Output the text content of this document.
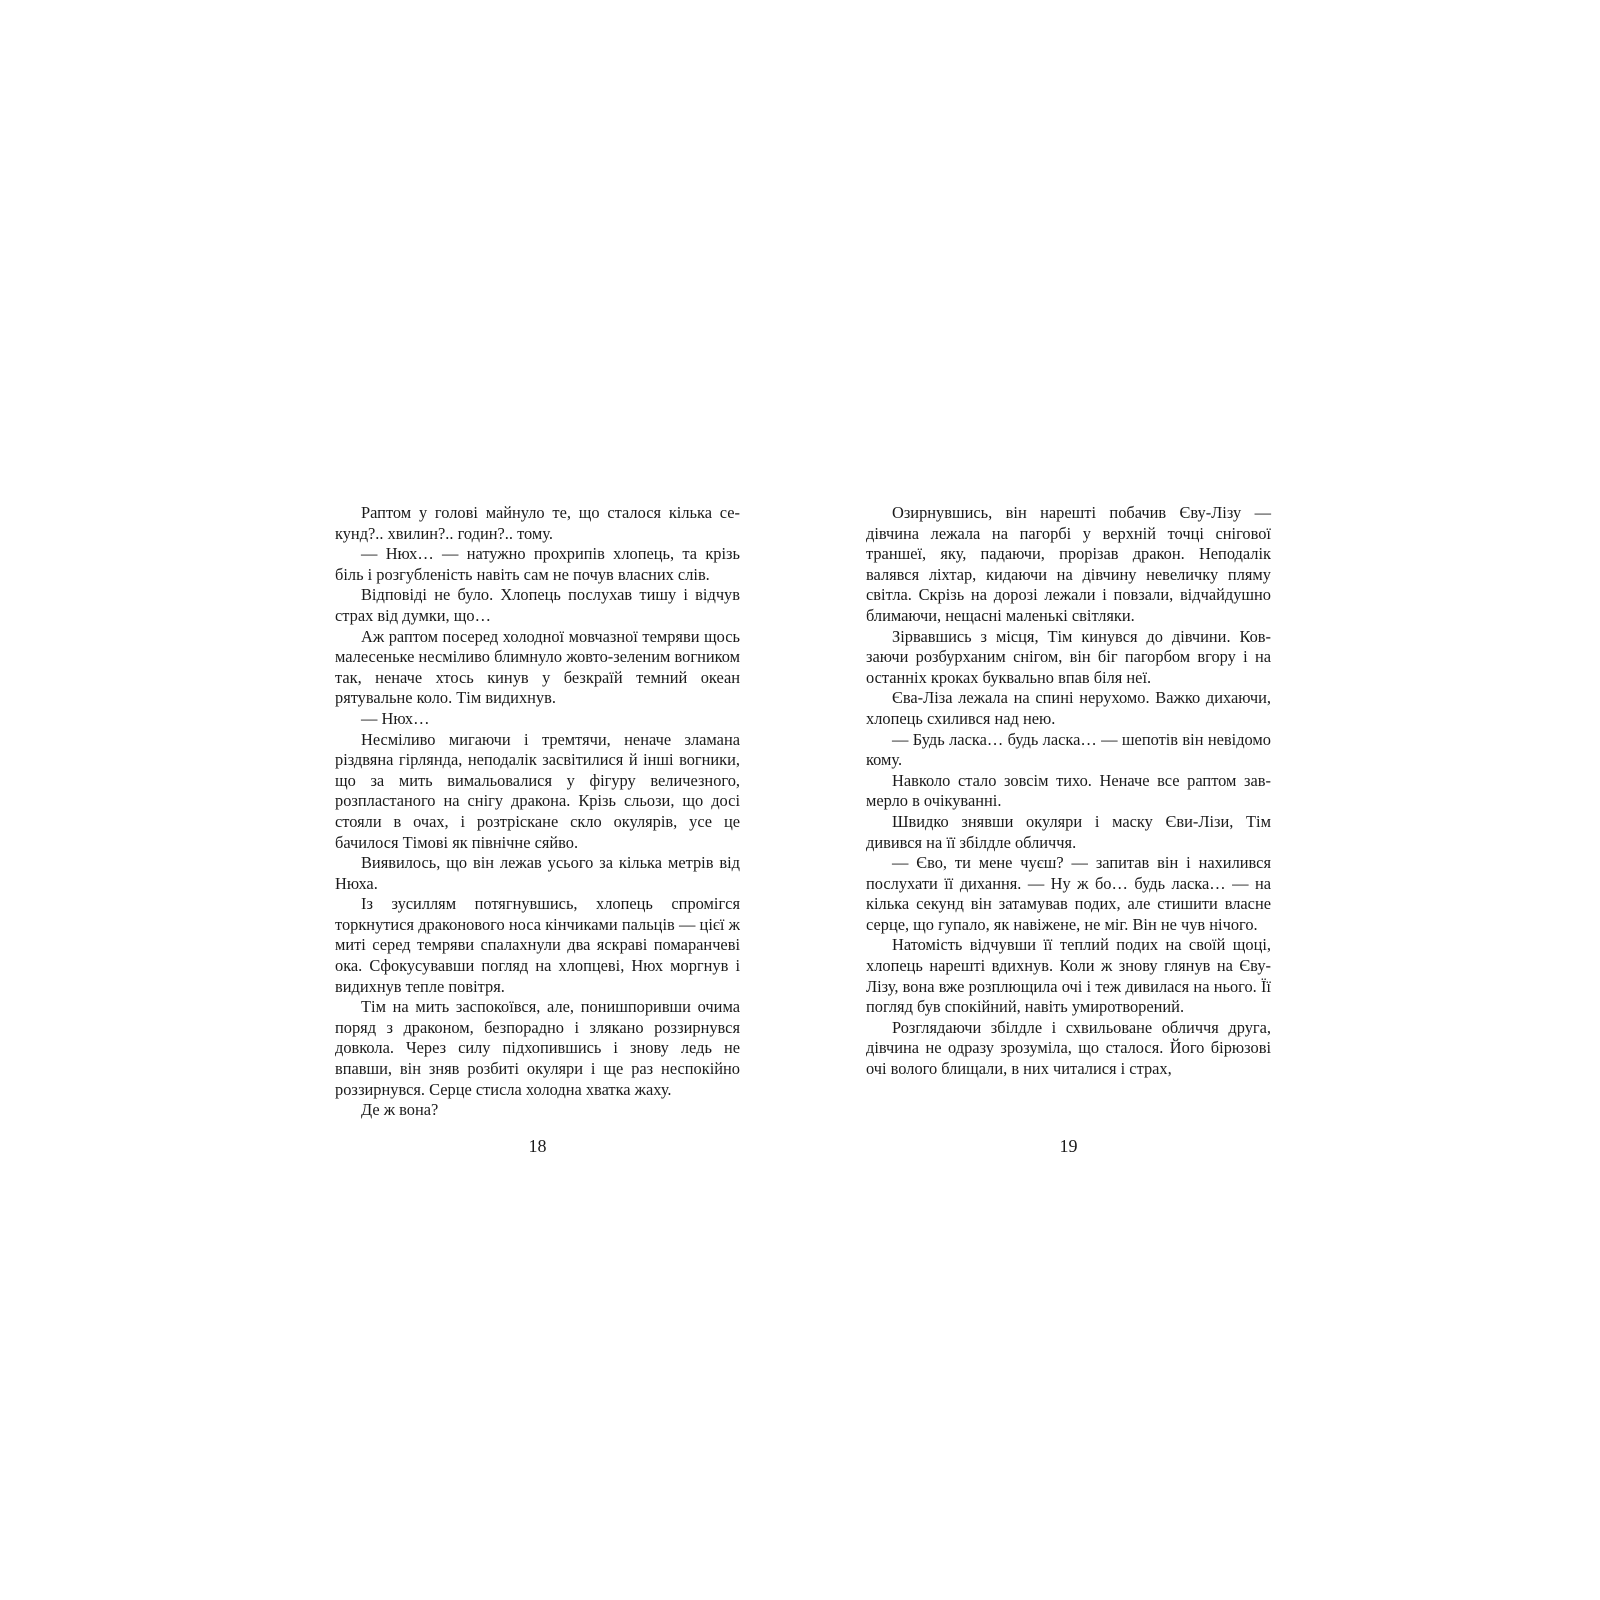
Раптом у голові майнуло те, що сталося кілька секунд?.. хвилин?.. годин?.. тому.

— Нюх… — натужно прохрипів хлопець, та крізь біль і розгубленість навіть сам не почув власних слів.

Відповіді не було. Хлопець послухав тишу і відчув страх від думки, що…

Аж раптом посеред холодної мовчазної темряви щось малесеньке несміливо блимнуло жовто-зеленим вогником так, неначе хтось кинув у безкраїй темний океан рятувальне коло. Тім видихнув.

— Нюх…

Несміливо мигаючи і тремтячи, неначе зламана різдвяна гірлянда, неподалік засвітилися й інші вогники, що за мить вимальовалися у фігуру величезного, розпластаного на снігу дракона. Крізь сльози, що досі стояли в очах, і розтріскане скло окулярів, усе це бачилося Тімові як північне сяйво.

Виявилось, що він лежав усього за кілька метрів від Нюха.

Із зусиллям потягнувшись, хлопець спромігся торкнутися драконового носа кінчиками пальців — цієї ж миті серед темряви спалахнули два яскраві помаранчеві ока. Сфокусувавши погляд на хлопцеві, Нюх моргнув і видихнув тепле повітря.

Тім на мить заспокоївся, але, понишпоривши очима поряд з драконом, безпорадно і злякано роззирнувся довкола. Через силу підхопившись і знову ледь не впавши, він зняв розбиті окуляри і ще раз неспокійно роззирнувся. Серце стисла холодна хватка жаху.

Де ж вона?

Озирнувшись, він нарешті побачив Єву-Лізу — дівчина лежала на пагорбі у верхній точці снігової траншеї, яку, падаючи, прорізав дракон. Неподалік валявся ліхтар, кидаючи на дівчину невеличку пляму світла. Скрізь на дорозі лежали і повзали, відчайдушно блимаючи, нещасні маленькі світляки.

Зірвавшись з місця, Тім кинувся до дівчини. Ковзаючи розбурханим снігом, він біг пагорбом вгору і на останніх кроках буквально впав біля неї.

Єва-Ліза лежала на спині нерухомо. Важко дихаючи, хлопець схилився над нею.

— Будь ласка… будь ласка… — шепотів він невідомо кому.

Навколо стало зовсім тихо. Неначе все раптом завмерло в очікуванні.

Швидко знявши окуляри і маску Єви-Лізи, Тім дивився на її збілдле обличчя.

— Єво, ти мене чуєш? — запитав він і нахилився послухати її дихання. — Ну ж бо… будь ласка… — на кілька секунд він затамував подих, але стишити власне серце, що гупало, як навіжене, не міг. Він не чув нічого.

Натомість відчувши її теплий подих на своїй щоці, хлопець нарешті вдихнув. Коли ж знову глянув на Єву-Лізу, вона вже розплющила очі і теж дивилася на нього. Її погляд був спокійний, навіть умиротворений.

Розглядаючи збілдле і схвильоване обличчя друга, дівчина не одразу зрозуміла, що сталося. Його бірюзові очі волого блищали, в них читалися і страх,

18	19
